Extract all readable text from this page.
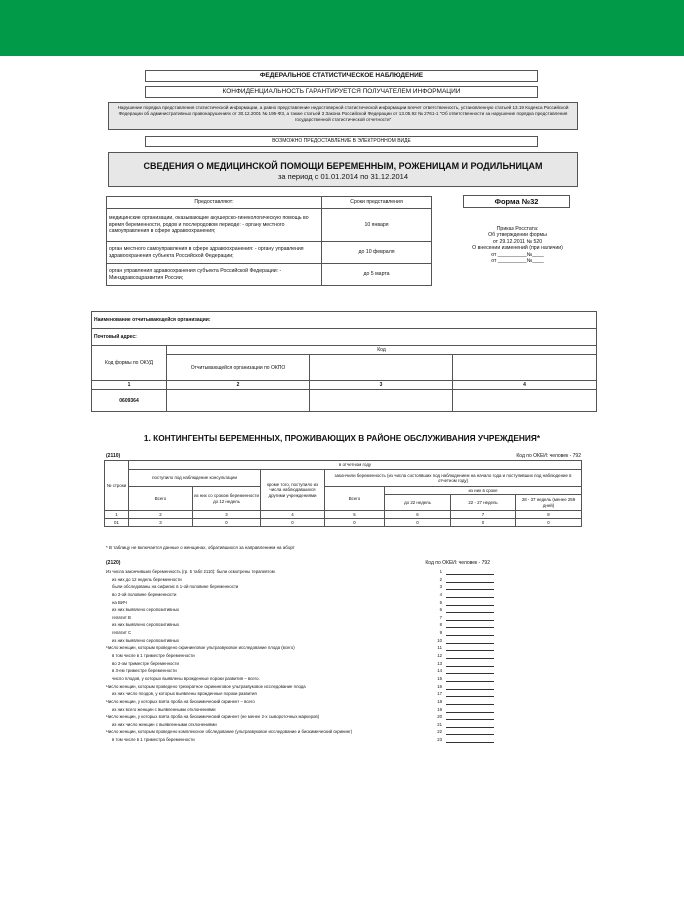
ФЕДЕРАЛЬНОЕ СТАТИСТИЧЕСКОЕ НАБЛЮДЕНИЕ
КОНФИДЕНЦИАЛЬНОСТЬ ГАРАНТИРУЕТСЯ ПОЛУЧАТЕЛЕМ ИНФОРМАЦИИ
Нарушение порядка представления статистической информации, а равно представление недостоверной статистической информации влечет ответственность, установленную статьей 13.19 Кодекса Российской Федерации об административных правонарушениях от 30.12.2001 № 195-ФЗ, а также статьей 3 Закона Российской Федерации от 13.05.92 № 2761-1 "Об ответственности за нарушение порядка представления государственной статистической отчетности"
ВОЗМОЖНО ПРЕДОСТАВЛЕНИЕ В ЭЛЕКТРОННОМ ВИДЕ
СВЕДЕНИЯ О МЕДИЦИНСКОЙ ПОМОЩИ БЕРЕМЕННЫМ, РОЖЕНИЦАМ И РОДИЛЬНИЦАМ
за период с 01.01.2014 по 31.12.2014
Предоставляют:	Сроки представления
медицинские организации, оказывающие акушерско-гинекологическую помощь во время беременности, родов и послеродовом периоде: - органу местного самоуправления в сфере здравоохранения;	10 января
орган местного самоуправления в сфере здравоохранения: - органу управления здравоохранения субъекта Российской Федерации;	до 10 февраля
орган управления здравоохранения субъекта Российской Федерации: - Минздравсоцразвития России;	до 5 марта
Форма №32
Приказ Росстата:
Об утверждении формы
от 29.12.2011 № 520
О внесении изменений (при наличии)
от __________№____
от __________№____
Наименование отчитывающейся организации:			
Почтовый адрес:			
Код формы по ОКУД	Код		
	Отчитывающейся организации по ОКПО		
1	2	3	4
0609364			
1. КОНТИНГЕНТЫ БЕРЕМЕННЫХ, ПРОЖИВАЮЩИХ В РАЙОНЕ ОБСЛУЖИВАНИЯ УЧРЕЖДЕНИЯ*
(2110)	Код по ОКЕИ: человек - 792
№ строки	в отчетном году						
	поступило под наблюдение консультации		кроме того, поступило из числа наблюдавшихся другими учреждениями	закончили беременность (из числа состоявших под наблюдением на начало года и поступивших под наблюдение в отчетном году)			
	Всего	из них со сроком беременности до 12 недель		Всего	из них в сроке		
					до 22 недель	22 - 27 недель	28 - 37 недель (менее 259 дней)
1	2	3	4	5	6	7	8
01	3	0	0	0	0	0	0
* В таблицу не включается данные о женщинах, обратившихся за направлением на аборт
(2120)	Код по ОКЕИ: человек - 792
Из числа закончивших беременность (гр. 5 табл 2110): были осмотрены терапевтом	1
из них до 12 недель беременности	2
были обследованы на сифилис в 1-ой половине беременности	3
во 2-ой половине беременности	4
на ВИЧ	5
из них выявлено серопозитивных	6
гепатит B	7
из них выявлено серопозитивных	8
гепатит C	9
из них выявлено серопозитивных	10
Число женщин, которым проведено скрининговое ультразвуковое исследование плода (всего)	11
в том числе в 1 триместре беременности	12
во 2-ом триместре беременности	13
в 3-ем триместре беременности	14
число плодов, у которых выявлены врожденные пороки развития – всего.	15
Число женщин, которым проведено трехкратное скрининговое ультразвуковое исследование плода	16
из них число плодов, у которых выявлены врожденные пороки развития	17
Число женщин, у которых взята проба на биохимический скринент – всего	18
из них всего женщин с выявленными отклонениями	19
Число женщин, у которых взята проба на биохимический скринент (не менее 2-х сывороточных маркеров)	20
из них число женщин с выявленными отклонениями	21
Число женщин, которым проведено комплексное обследование (ультразвуковое исследование и биохимический скрининг)	22
в том числе в 1 триместра беременности	23
